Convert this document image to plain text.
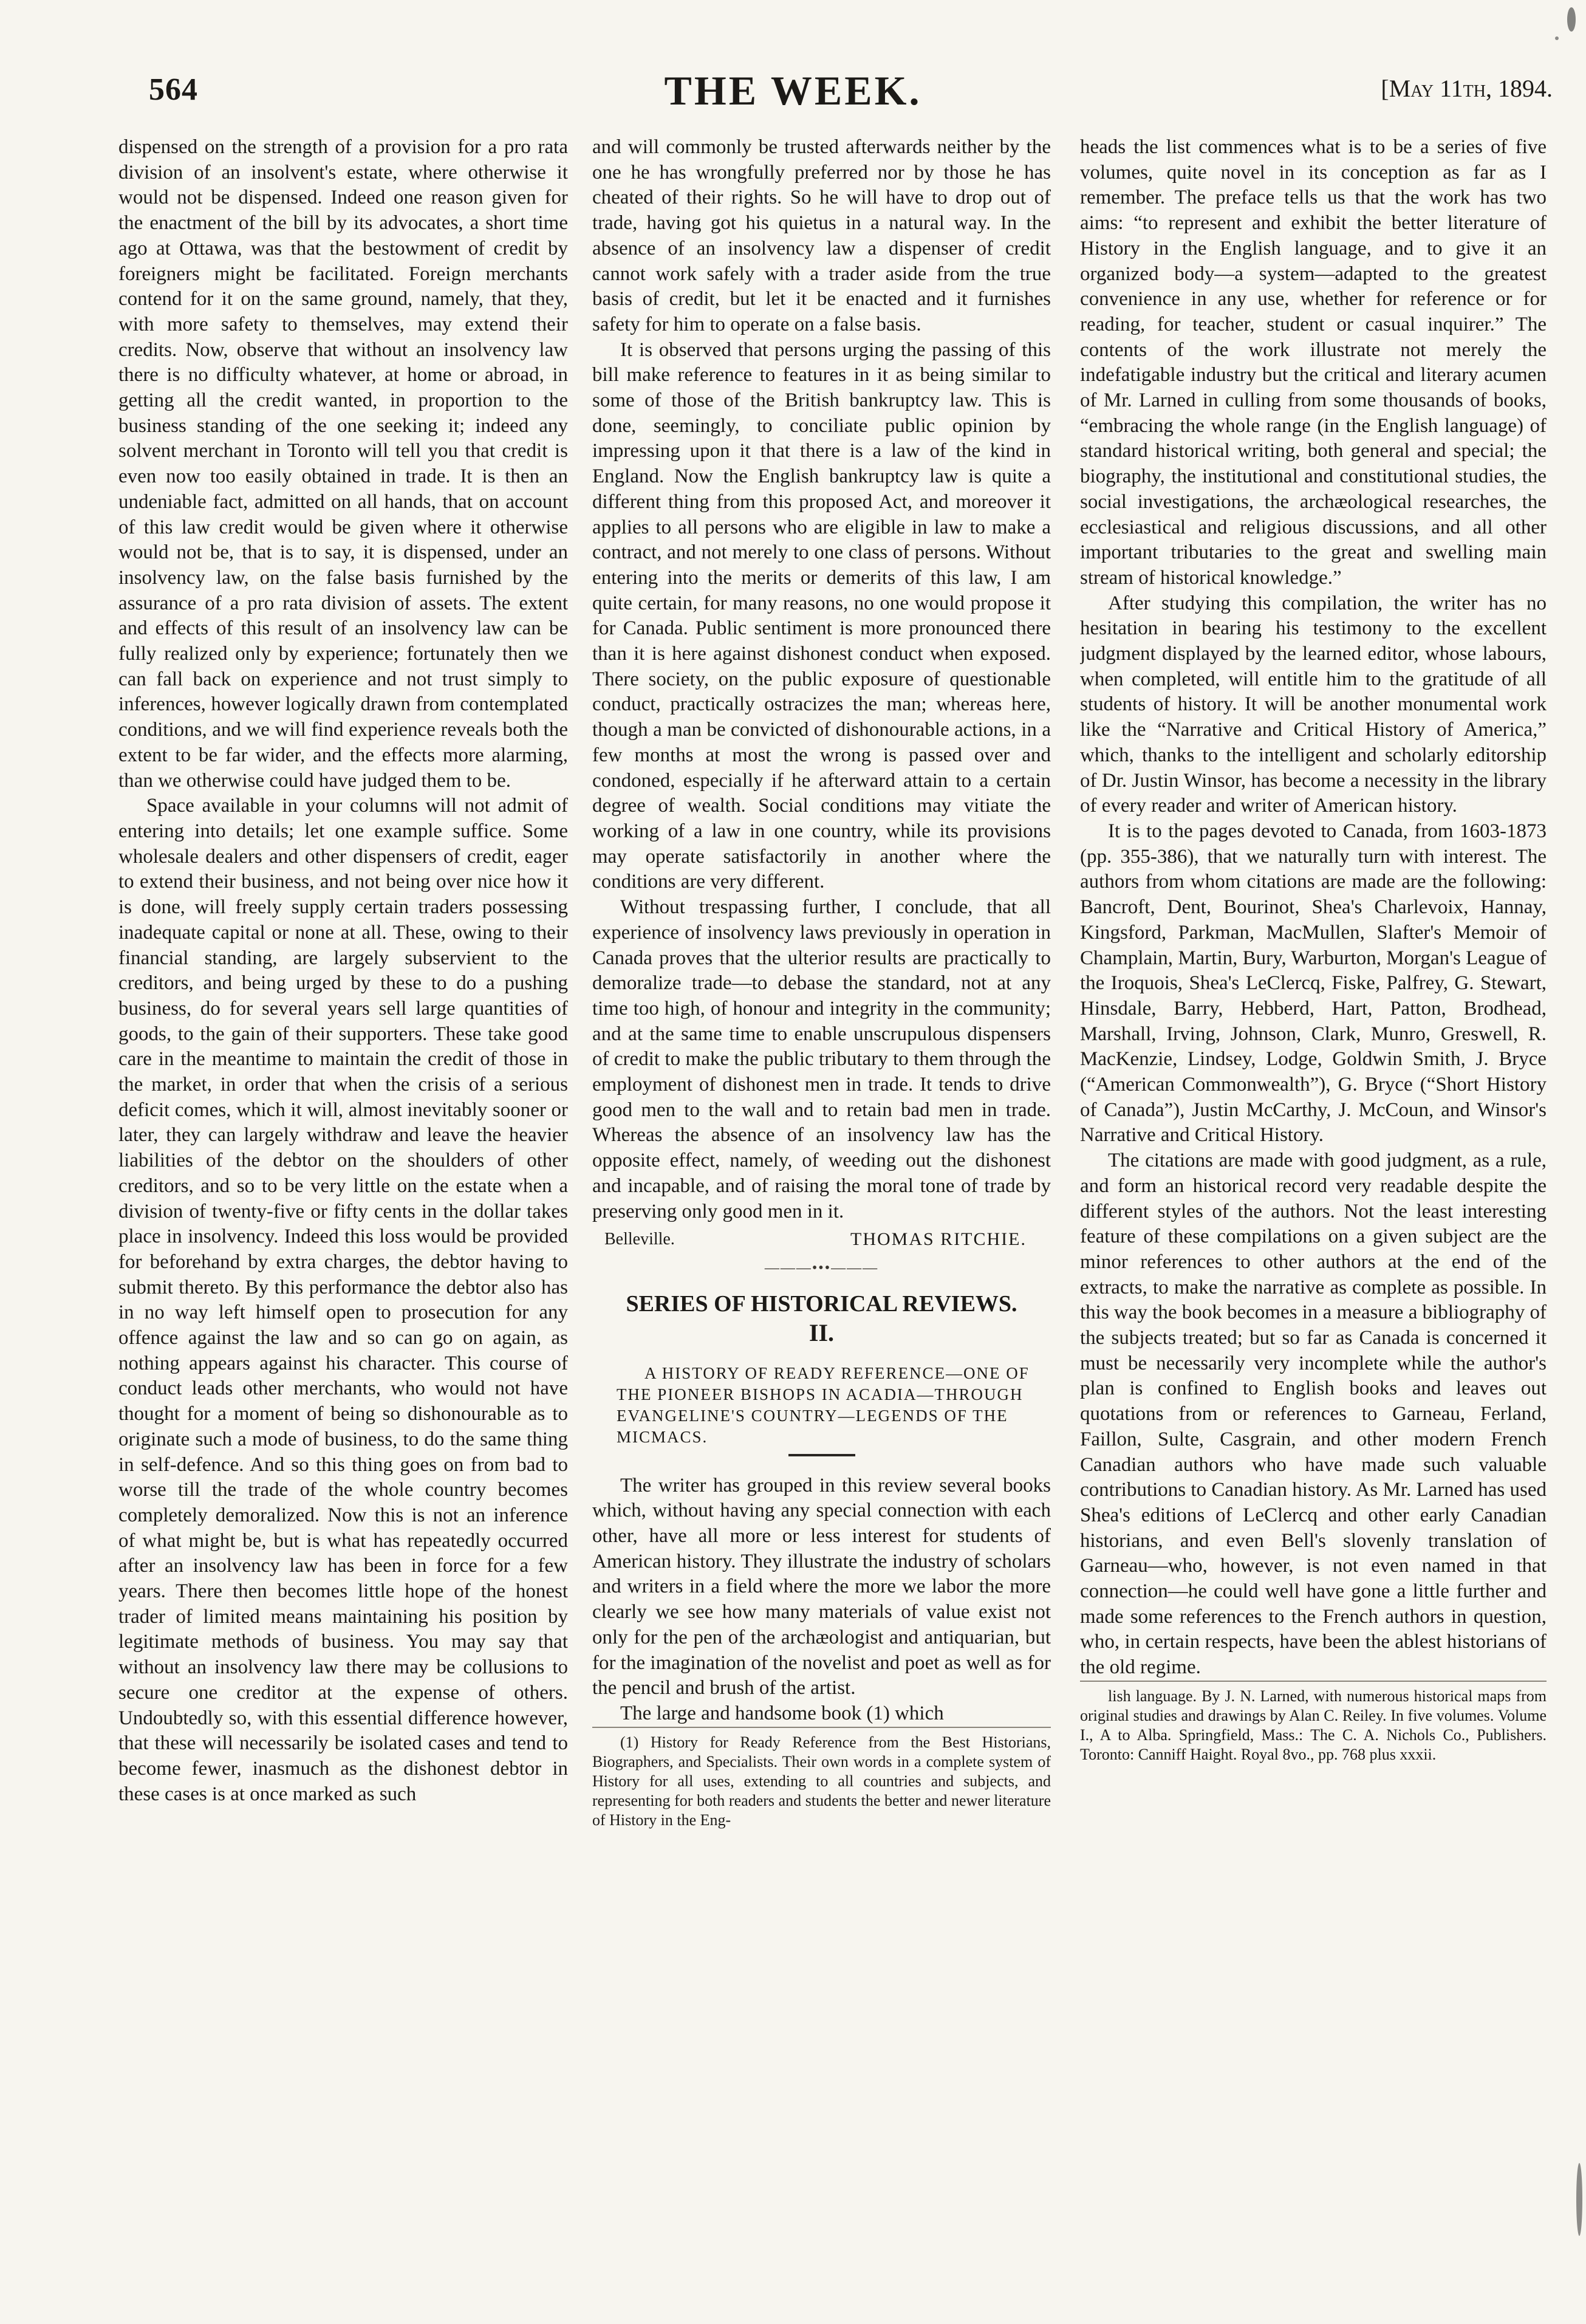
564	THE WEEK.	[May 11th, 1894.

dispensed on the strength of a provision for a pro rata division of an insolvent's estate, where otherwise it would not be dispensed. Indeed one reason given for the enactment of the bill by its advocates, a short time ago at Ottawa, was that the bestowment of credit by foreigners might be facilitated. Foreign merchants contend for it on the same ground, namely, that they, with more safety to themselves, may extend their credits. Now, observe that without an insolvency law there is no difficulty whatever, at home or abroad, in getting all the credit wanted, in proportion to the business standing of the one seeking it; indeed any solvent merchant in Toronto will tell you that credit is even now too easily obtained in trade. It is then an undeniable fact, admitted on all hands, that on account of this law credit would be given where it otherwise would not be, that is to say, it is dispensed, under an insolvency law, on the false basis furnished by the assurance of a pro rata division of assets. The extent and effects of this result of an insolvency law can be fully realized only by experience; fortunately then we can fall back on experience and not trust simply to inferences, however logically drawn from contemplated conditions, and we will find experience reveals both the extent to be far wider, and the effects more alarming, than we otherwise could have judged them to be.

Space available in your columns will not admit of entering into details; let one example suffice. Some wholesale dealers and other dispensers of credit, eager to extend their business, and not being over nice how it is done, will freely supply certain traders possessing inadequate capital or none at all. These, owing to their financial standing, are largely subservient to the creditors, and being urged by these to do a pushing business, do for several years sell large quantities of goods, to the gain of their supporters. These take good care in the meantime to maintain the credit of those in the market, in order that when the crisis of a serious deficit comes, which it will, almost inevitably sooner or later, they can largely withdraw and leave the heavier liabilities of the debtor on the shoulders of other creditors, and so to be very little on the estate when a division of twenty-five or fifty cents in the dollar takes place in insolvency. Indeed this loss would be provided for beforehand by extra charges, the debtor having to submit thereto. By this performance the debtor also has in no way left himself open to prosecution for any offence against the law and so can go on again, as nothing appears against his character. This course of conduct leads other merchants, who would not have thought for a moment of being so dishonourable as to originate such a mode of business, to do the same thing in self-defence. And so this thing goes on from bad to worse till the trade of the whole country becomes completely demoralized. Now this is not an inference of what might be, but is what has repeatedly occurred after an insolvency law has been in force for a few years. There then becomes little hope of the honest trader of limited means maintaining his position by legitimate methods of business. You may say that without an insolvency law there may be collusions to secure one creditor at the expense of others. Undoubtedly so, with this essential difference however, that these will necessarily be isolated cases and tend to become fewer, inasmuch as the dishonest debtor in these cases is at once marked as such

and will commonly be trusted afterwards neither by the one he has wrongfully preferred nor by those he has cheated of their rights. So he will have to drop out of trade, having got his quietus in a natural way. In the absence of an insolvency law a dispenser of credit cannot work safely with a trader aside from the true basis of credit, but let it be enacted and it furnishes safety for him to operate on a false basis.

It is observed that persons urging the passing of this bill make reference to features in it as being similar to some of those of the British bankruptcy law. This is done, seemingly, to conciliate public opinion by impressing upon it that there is a law of the kind in England. Now the English bankruptcy law is quite a different thing from this proposed Act, and moreover it applies to all persons who are eligible in law to make a contract, and not merely to one class of persons. Without entering into the merits or demerits of this law, I am quite certain, for many reasons, no one would propose it for Canada. Public sentiment is more pronounced there than it is here against dishonest conduct when exposed. There society, on the public exposure of questionable conduct, practically ostracizes the man; whereas here, though a man be convicted of dishonourable actions, in a few months at most the wrong is passed over and condoned, especially if he afterward attain to a certain degree of wealth. Social conditions may vitiate the working of a law in one country, while its provisions may operate satisfactorily in another where the conditions are very different.

Without trespassing further, I conclude, that all experience of insolvency laws previously in operation in Canada proves that the ulterior results are practically to demoralize trade—to debase the standard, not at any time too high, of honour and integrity in the community; and at the same time to enable unscrupulous dispensers of credit to make the public tributary to them through the employment of dishonest men in trade. It tends to drive good men to the wall and to retain bad men in trade. Whereas the absence of an insolvency law has the opposite effect, namely, of weeding out the dishonest and incapable, and of raising the moral tone of trade by preserving only good men in it.

Belleville.	THOMAS RITCHIE.
———•••———
SERIES OF HISTORICAL REVIEWS.
II.

A HISTORY OF READY REFERENCE—ONE OF THE PIONEER BISHOPS IN ACADIA—THROUGH EVANGELINE'S COUNTRY—LEGENDS OF THE MICMACS.

The writer has grouped in this review several books which, without having any special connection with each other, have all more or less interest for students of American history. They illustrate the industry of scholars and writers in a field where the more we labor the more clearly we see how many materials of value exist not only for the pen of the archæologist and antiquarian, but for the imagination of the novelist and poet as well as for the pencil and brush of the artist.

The large and handsome book (1) which

(1) History for Ready Reference from the Best Historians, Biographers, and Specialists. Their own words in a complete system of History for all uses, extending to all countries and subjects, and representing for both readers and students the better and newer literature of History in the Eng-

heads the list commences what is to be a series of five volumes, quite novel in its conception as far as I remember. The preface tells us that the work has two aims: “to represent and exhibit the better literature of History in the English language, and to give it an organized body—a system—adapted to the greatest convenience in any use, whether for reference or for reading, for teacher, student or casual inquirer.” The contents of the work illustrate not merely the indefatigable industry but the critical and literary acumen of Mr. Larned in culling from some thousands of books, “embracing the whole range (in the English language) of standard historical writing, both general and special; the biography, the institutional and constitutional studies, the social investigations, the archæological researches, the ecclesiastical and religious discussions, and all other important tributaries to the great and swelling main stream of historical knowledge.”

After studying this compilation, the writer has no hesitation in bearing his testimony to the excellent judgment displayed by the learned editor, whose labours, when completed, will entitle him to the gratitude of all students of history. It will be another monumental work like the “Narrative and Critical History of America,” which, thanks to the intelligent and scholarly editorship of Dr. Justin Winsor, has become a necessity in the library of every reader and writer of American history.

It is to the pages devoted to Canada, from 1603-1873 (pp. 355-386), that we naturally turn with interest. The authors from whom citations are made are the following: Bancroft, Dent, Bourinot, Shea's Charlevoix, Hannay, Kingsford, Parkman, MacMullen, Slafter's Memoir of Champlain, Martin, Bury, Warburton, Morgan's League of the Iroquois, Shea's LeClercq, Fiske, Palfrey, G. Stewart, Hinsdale, Barry, Hebberd, Hart, Patton, Brodhead, Marshall, Irving, Johnson, Clark, Munro, Greswell, R. MacKenzie, Lindsey, Lodge, Goldwin Smith, J. Bryce (“American Commonwealth”), G. Bryce (“Short History of Canada”), Justin McCarthy, J. McCoun, and Winsor's Narrative and Critical History.

The citations are made with good judgment, as a rule, and form an historical record very readable despite the different styles of the authors. Not the least interesting feature of these compilations on a given subject are the minor references to other authors at the end of the extracts, to make the narrative as complete as possible. In this way the book becomes in a measure a bibliography of the subjects treated; but so far as Canada is concerned it must be necessarily very incomplete while the author's plan is confined to English books and leaves out quotations from or references to Garneau, Ferland, Faillon, Sulte, Casgrain, and other modern French Canadian authors who have made such valuable contributions to Canadian history. As Mr. Larned has used Shea's editions of LeClercq and other early Canadian historians, and even Bell's slovenly translation of Garneau—who, however, is not even named in that connection—he could well have gone a little further and made some references to the French authors in question, who, in certain respects, have been the ablest historians of the old regime.

lish language. By J. N. Larned, with numerous historical maps from original studies and drawings by Alan C. Reiley. In five volumes. Volume I., A to Alba. Springfield, Mass.: The C. A. Nichols Co., Publishers. Toronto: Canniff Haight. Royal 8vo., pp. 768 plus xxxii.
